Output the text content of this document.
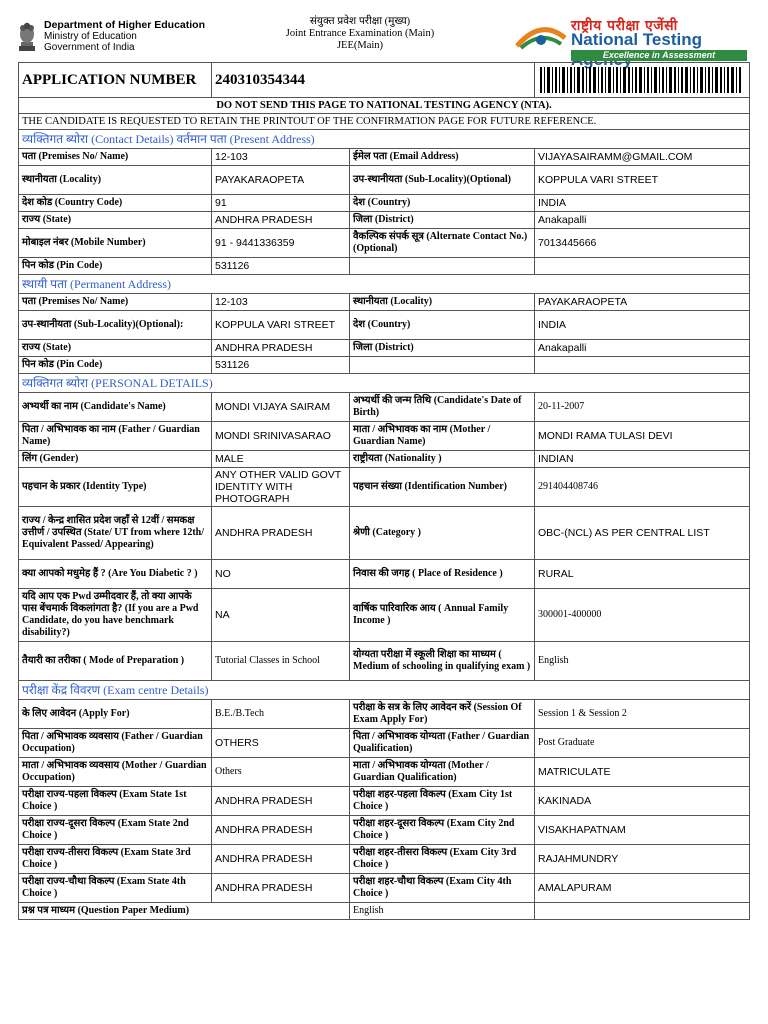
Department of Higher Education
Ministry of Education
Government of India
संयुक्त प्रवेश परीक्षा (मुख्य)
Joint Entrance Examination (Main)
JEE(Main)
राष्ट्रीय परीक्षा एजेंसी
National Testing
Excellence in Assessment
APPLICATION NUMBER	240310354344	

DO NOT SEND THIS PAGE TO NATIONAL TESTING AGENCY (NTA).			
THE CANDIDATE IS REQUESTED TO RETAIN THE PRINTOUT OF THE CONFIRMATION PAGE FOR FUTURE REFERENCE.			
व्यक्तिगत ब्योरा (Contact Details) वर्तमान पता (Present Address)			
पता (Premises No/ Name)	12-103	ईमेल पता (Email Address)	VIJAYASAIRAMM@GMAIL.COM
स्थानीयता (Locality)	PAYAKARAOPETA	उप-स्थानीयता (Sub-Locality)(Optional)	KOPPULA VARI STREET
देश कोड (Country Code)	91	देश (Country)	INDIA
राज्य (State)	ANDHRA PRADESH	जिला (District)	Anakapalli
मोबाइल नंबर (Mobile Number)	91 - 9441336359	वैकल्पिक संपर्क सूत्र (Alternate Contact No.) (Optional)	7013445666
पिन कोड (Pin Code)	531126		
स्थायी पता (Permanent Address)			
पता (Premises No/ Name)	12-103	स्थानीयता (Locality)	PAYAKARAOPETA
उप-स्थानीयता (Sub-Locality)(Optional):	KOPPULA VARI STREET	देश (Country)	INDIA
राज्य (State)	ANDHRA PRADESH	जिला (District)	Anakapalli
पिन कोड (Pin Code)	531126		
व्यक्तिगत ब्योरा (PERSONAL DETAILS)			
अभ्यर्थी का नाम (Candidate's Name)	MONDI VIJAYA SAIRAM	अभ्यर्थी की जन्म तिथि (Candidate's Date of Birth)	20-11-2007
पिता / अभिभावक का नाम (Father / Guardian Name)	MONDI SRINIVASARAO	माता / अभिभावक का नाम (Mother / Guardian Name)	MONDI RAMA TULASI DEVI
लिंग (Gender)	MALE	राष्ट्रीयता (Nationality )	INDIAN
पहचान के प्रकार (Identity Type)	ANY OTHER VALID GOVT IDENTITY WITH PHOTOGRAPH	पहचान संख्या (Identification Number)	291404408746
राज्य / केन्द्र शासित प्रदेश जहाँ से 12वीं / समकक्ष उत्तीर्ण / उपस्थित (State/ UT from where 12th/ Equivalent Passed/ Appearing)	ANDHRA PRADESH	श्रेणी (Category )	OBC-(NCL) AS PER CENTRAL LIST
क्या आपको मधुमेह हैं ? (Are You Diabetic ? )	NO	निवास की जगह ( Place of Residence )	RURAL
यदि आप एक Pwd उम्मीदवार हैं, तो क्या आपके पास बेंचमार्क विकलांगता है? (If you are a Pwd Candidate, do you have benchmark disability?)	NA	वार्षिक पारिवारिक आय ( Annual Family Income )	300001-400000
तैयारी का तरीका ( Mode of Preparation )	Tutorial Classes in School	योग्यता परीक्षा में स्कूली शिक्षा का माध्यम ( Medium of schooling in qualifying exam )	English
परीक्षा केंद्र विवरण (Exam centre Details)			
के लिए आवेदन (Apply For)	B.E./B.Tech	परीक्षा के सत्र के लिए आवेदन करें (Session Of Exam Apply For)	Session 1 & Session 2
पिता / अभिभावक व्यवसाय (Father / Guardian Occupation)	OTHERS	पिता / अभिभावक योग्यता (Father / Guardian Qualification)	Post Graduate
माता / अभिभावक व्यवसाय (Mother / Guardian Occupation)	Others	माता / अभिभावक योग्यता (Mother / Guardian Qualification)	MATRICULATE
परीक्षा राज्य-पहला विकल्प (Exam State 1st Choice )	ANDHRA PRADESH	परीक्षा शहर-पहला विकल्प (Exam City 1st Choice )	KAKINADA
परीक्षा राज्य-दूसरा विकल्प (Exam State 2nd Choice )	ANDHRA PRADESH	परीक्षा शहर-दूसरा विकल्प (Exam City 2nd Choice )	VISAKHAPATNAM
परीक्षा राज्य-तीसरा विकल्प (Exam State 3rd Choice )	ANDHRA PRADESH	परीक्षा शहर-तीसरा विकल्प (Exam City 3rd Choice )	RAJAHMUNDRY
परीक्षा राज्य-चौथा विकल्प (Exam State 4th Choice )	ANDHRA PRADESH	परीक्षा शहर-चौथा विकल्प (Exam City 4th Choice )	AMALAPURAM
प्रश्न पत्र माध्यम (Question Paper Medium)		English	
